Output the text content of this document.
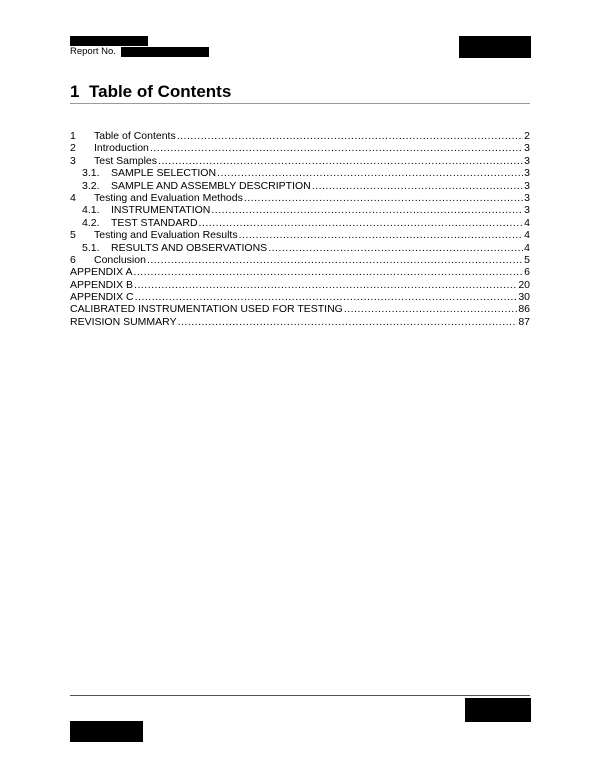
Report No.
1 Table of Contents
1	Table of Contents .....	2
2	Introduction .....	3
3	Test Samples .....	3
3.1.	SAMPLE SELECTION .....	3
3.2.	SAMPLE AND ASSEMBLY DESCRIPTION .....	3
4	Testing and Evaluation Methods .....	3
4.1.	INSTRUMENTATION .....	3
4.2.	TEST STANDARD .....	4
5	Testing and Evaluation Results .....	4
5.1.	RESULTS AND OBSERVATIONS .....	4
6	Conclusion .....	5
APPENDIX A .....	6
APPENDIX B .....	20
APPENDIX C .....	30
CALIBRATED INSTRUMENTATION USED FOR TESTING .....	86
REVISION SUMMARY .....	87
